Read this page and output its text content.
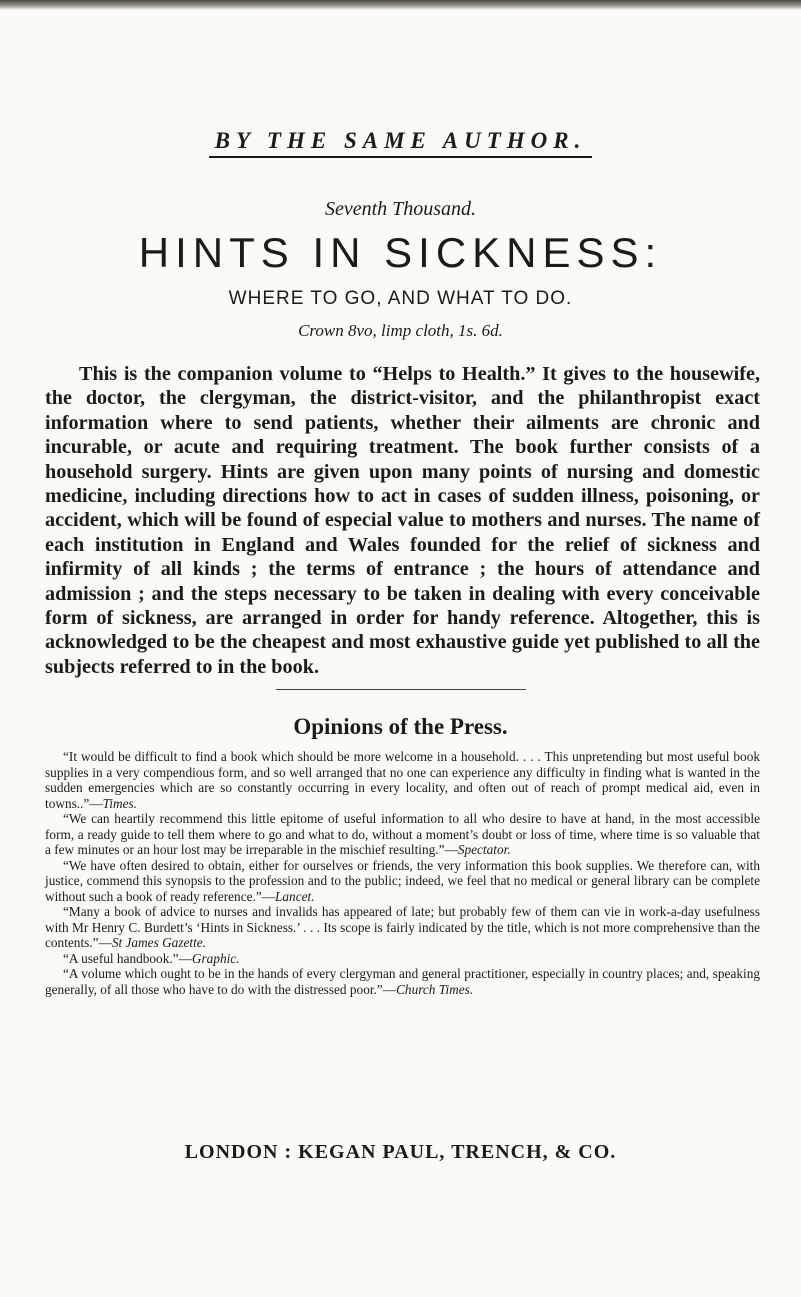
BY THE SAME AUTHOR.
Seventh Thousand.
HINTS IN SICKNESS:
WHERE TO GO, AND WHAT TO DO.
Crown 8vo, limp cloth, 1s. 6d.

This is the companion volume to “Helps to Health.” It gives to the housewife, the doctor, the clergyman, the district-visitor, and the philanthropist exact information where to send patients, whether their ailments are chronic and incurable, or acute and requiring treatment. The book further consists of a household surgery. Hints are given upon many points of nursing and domestic medicine, including directions how to act in cases of sudden illness, poisoning, or accident, which will be found of especial value to mothers and nurses. The name of each institution in England and Wales founded for the relief of sickness and infirmity of all kinds ; the terms of entrance ; the hours of attendance and admission ; and the steps necessary to be taken in dealing with every conceivable form of sickness, are arranged in order for handy reference. Altogether, this is acknowledged to be the cheapest and most exhaustive guide yet published to all the subjects referred to in the book.

Opinions of the Press.

“It would be difficult to find a book which should be more welcome in a household. . . . This unpretending but most useful book supplies in a very compendious form, and so well arranged that no one can experience any difficulty in finding what is wanted in the sudden emergencies which are so constantly occurring in every locality, and often out of reach of prompt medical aid, even in towns..”—Times.

“We can heartily recommend this little epitome of useful information to all who desire to have at hand, in the most accessible form, a ready guide to tell them where to go and what to do, without a moment’s doubt or loss of time, where time is so valuable that a few minutes or an hour lost may be irreparable in the mischief resulting.”—Spectator.

“We have often desired to obtain, either for ourselves or friends, the very information this book supplies. We therefore can, with justice, commend this synopsis to the profession and to the public; indeed, we feel that no medical or general library can be complete without such a book of ready reference.”—Lancet.

“Many a book of advice to nurses and invalids has appeared of late; but probably few of them can vie in work-a-day usefulness with Mr Henry C. Burdett’s ‘Hints in Sickness.’ . . . Its scope is fairly indicated by the title, which is not more comprehensive than the contents.”—St James Gazette.

“A useful handbook.”—Graphic.

“A volume which ought to be in the hands of every clergyman and general practitioner, especially in country places; and, speaking generally, of all those who have to do with the distressed poor.”—Church Times.

LONDON : KEGAN PAUL, TRENCH, & CO.
